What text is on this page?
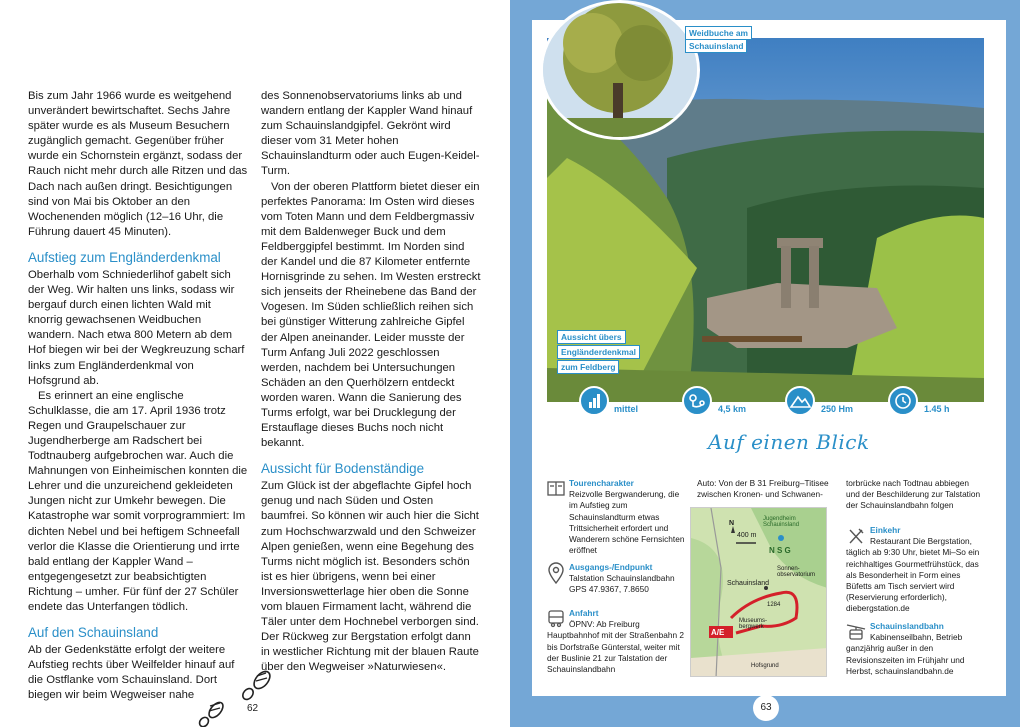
Bis zum Jahr 1966 wurde es weitgehend unverändert bewirtschaftet. Sechs Jahre später wurde es als Museum Besuchern zugänglich gemacht. Gegenüber früher wurde ein Schornstein ergänzt, sodass der Rauch nicht mehr durch alle Ritzen und das Dach nach außen dringt. Besichtigungen sind von Mai bis Oktober an den Wochenenden möglich (12–16 Uhr, die Führung dauert 45 Minuten).

Aufstieg zum Engländerdenkmal

Oberhalb vom Schniederlihof gabelt sich der Weg. Wir halten uns links, sodass wir bergauf durch einen lichten Wald mit knorrig gewachsenen Weidbuchen wandern. Nach etwa 800 Metern ab dem Hof biegen wir bei der Wegkreuzung scharf links zum Engländerdenkmal von Hofsgrund ab.

Es erinnert an eine englische Schulklasse, die am 17. April 1936 trotz Regen und Graupelschauer zur Jugendherberge am Radschert bei Todtnauberg aufgebrochen war. Auch die Mahnungen von Einheimischen konnten die Lehrer und die unzureichend gekleideten Jungen nicht zur Umkehr bewegen. Die Katastrophe war somit vorprogrammiert: Im dichten Nebel und bei heftigem Schneefall verlor die Klasse die Orientierung und irrte bald entlang der Kappler Wand – entgegengesetzt zur beabsichtigten Richtung – umher. Für fünf der 27 Schüler endete das Unterfangen tödlich.

Auf den Schauinsland

Ab der Gedenkstätte erfolgt der weitere Aufstieg rechts über Weilfelder hinauf auf die Ostflanke vom Schauinsland. Dort biegen wir beim Wegweiser nahe

des Sonnenobservatoriums links ab und wandern entlang der Kappler Wand hinauf zum Schauinslandgipfel. Gekrönt wird dieser vom 31 Meter hohen Schauinslandturm oder auch Eugen-Keidel-Turm.

Von der oberen Plattform bietet dieser ein perfektes Panorama: Im Osten wird dieses vom Toten Mann und dem Feldbergmassiv mit dem Baldenweger Buck und dem Feldberggipfel bestimmt. Im Norden sind der Kandel und die 87 Kilometer entfernte Hornisgrinde zu sehen. Im Westen erstreckt sich jenseits der Rheinebene das Band der Vogesen. Im Süden schließlich reihen sich bei günstiger Witterung zahlreiche Gipfel der Alpen aneinander. Leider musste der Turm Anfang Juli 2022 geschlossen werden, nachdem bei Untersuchungen Schäden an den Querhölzern entdeckt worden waren. Wann die Sanierung des Turms erfolgt, war bei Drucklegung der Erstauflage dieses Buchs noch nicht bekannt.

Aussicht für Bodenständige

Zum Glück ist der abgeflachte Gipfel hoch genug und nach Süden und Osten baumfrei. So können wir auch hier die Sicht zum Hochschwarzwald und den Schweizer Alpen genießen, wenn eine Begehung des Turms nicht möglich ist. Besonders schön ist es hier übrigens, wenn bei einer Inversionswetterlage hier oben die Sonne vom blauen Firmament lacht, während die Täler unter dem Hochnebel verborgen sind. Der Rückweg zur Bergstation erfolgt dann in westlicher Richtung mit der blauen Raute über den Wegweiser »Naturwiesen«.

62
Weidbuche am
Schauinsland
Aussicht übers
Engländerdenkmal
zum Feldberg
mittel	4,5 km	250 Hm	1.45 h
Auf einen Blick
Tourencharakter
Reizvolle Bergwanderung, die im Aufstieg zum Schauinslandturm etwas Trittsicherheit erfordert und Wanderern schöne Fernsichten eröffnet
Ausgangs-/Endpunkt
Talstation Schauinslandbahn GPS 47.9367, 7.8650
Anfahrt
ÖPNV: Ab Freiburg Hauptbahnhof mit der Straßenbahn 2 bis Dorfstraße Günterstal, weiter mit der Buslinie 21 zur Talstation der Schauinslandbahn
Auto: Von der B 31 Freiburg–Titisee zwischen Kronen- und Schwanen-
N
400 m
Jugendheim Schauinsland
N S G
Sonnen-observatorium
Schauinsland
1284
Museums-bergwerk
A/E
Hofsgrund
torbrücke nach Todtnau abbiegen und der Beschilderung zur Talstation der Schauinslandbahn folgen
Einkehr
Restaurant Die Bergstation, täglich ab 9:30 Uhr, bietet Mi–So ein reichhaltiges Gourmetfrühstück, das als Besonderheit in Form eines Büfetts am Tisch serviert wird (Reservierung erforderlich), diebergstation.de
Schauinslandbahn
Kabinenseilbahn, Betrieb ganzjährig außer in den Revisionszeiten im Frühjahr und Herbst, schauinslandbahn.de
63
